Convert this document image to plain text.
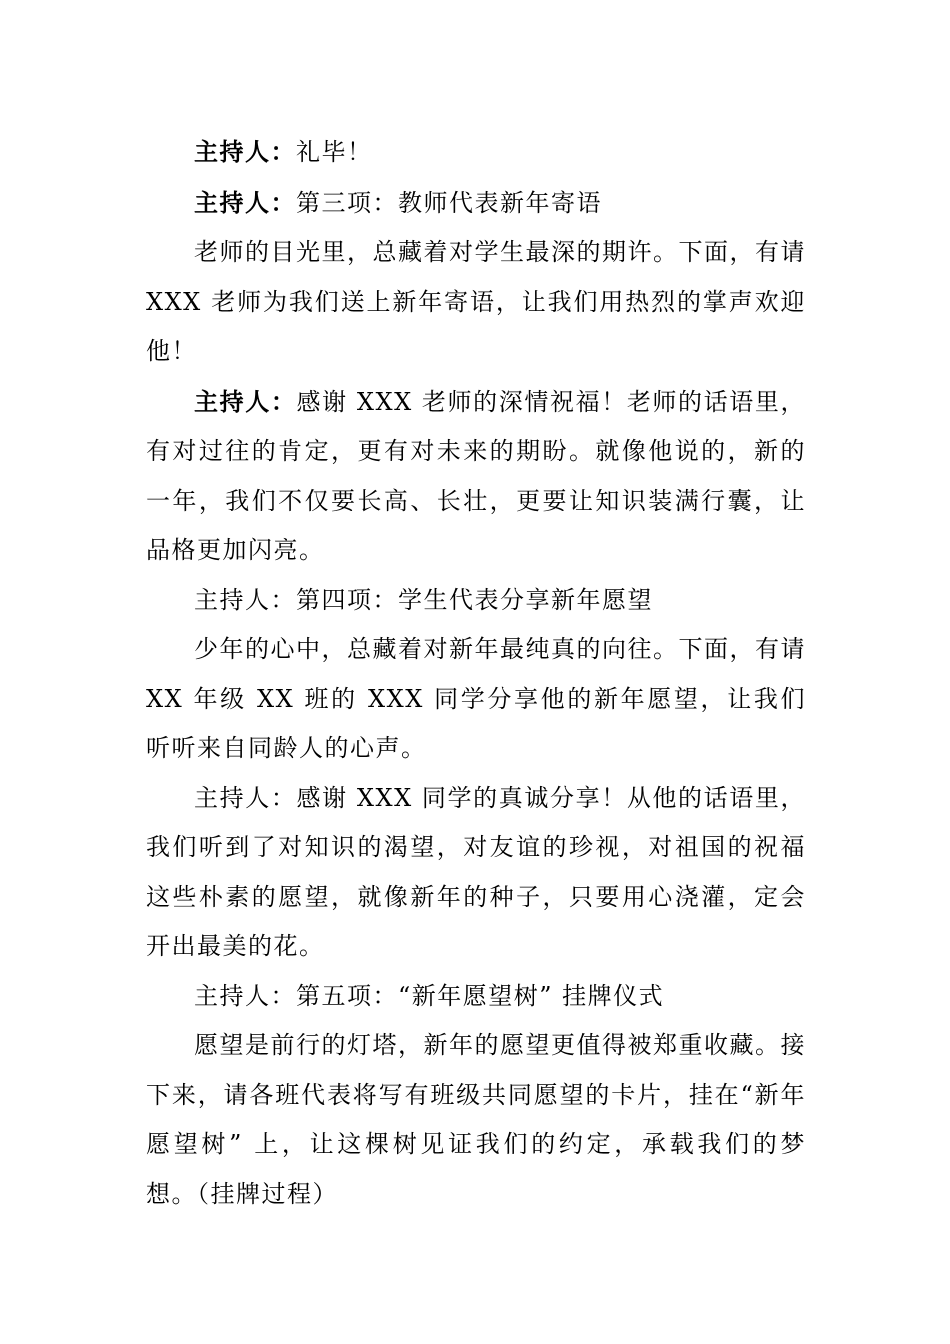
主持人：礼毕！

主持人：第三项：教师代表新年寄语

老师的目光里，总藏着对学生最深的期许。下面，有请 XXX 老师为我们送上新年寄语，让我们用热烈的掌声欢迎他！

主持人：感谢 XXX 老师的深情祝福！老师的话语里，有对过往的肯定，更有对未来的期盼。就像他说的，新的一年，我们不仅要长高、长壮，更要让知识装满行囊，让品格更加闪亮。

主持人：第四项：学生代表分享新年愿望

少年的心中，总藏着对新年最纯真的向往。下面，有请 XX 年级 XX 班的 XXX 同学分享他的新年愿望，让我们听听来自同龄人的心声。

主持人：感谢 XXX 同学的真诚分享！从他的话语里，我们听到了对知识的渴望，对友谊的珍视，对祖国的祝福这些朴素的愿望，就像新年的种子，只要用心浇灌，定会开出最美的花。

主持人：第五项：“新年愿望树” 挂牌仪式

愿望是前行的灯塔，新年的愿望更值得被郑重收藏。接下来，请各班代表将写有班级共同愿望的卡片，挂在“新年愿望树” 上，让这棵树见证我们的约定，承载我们的梦想。（挂牌过程）
